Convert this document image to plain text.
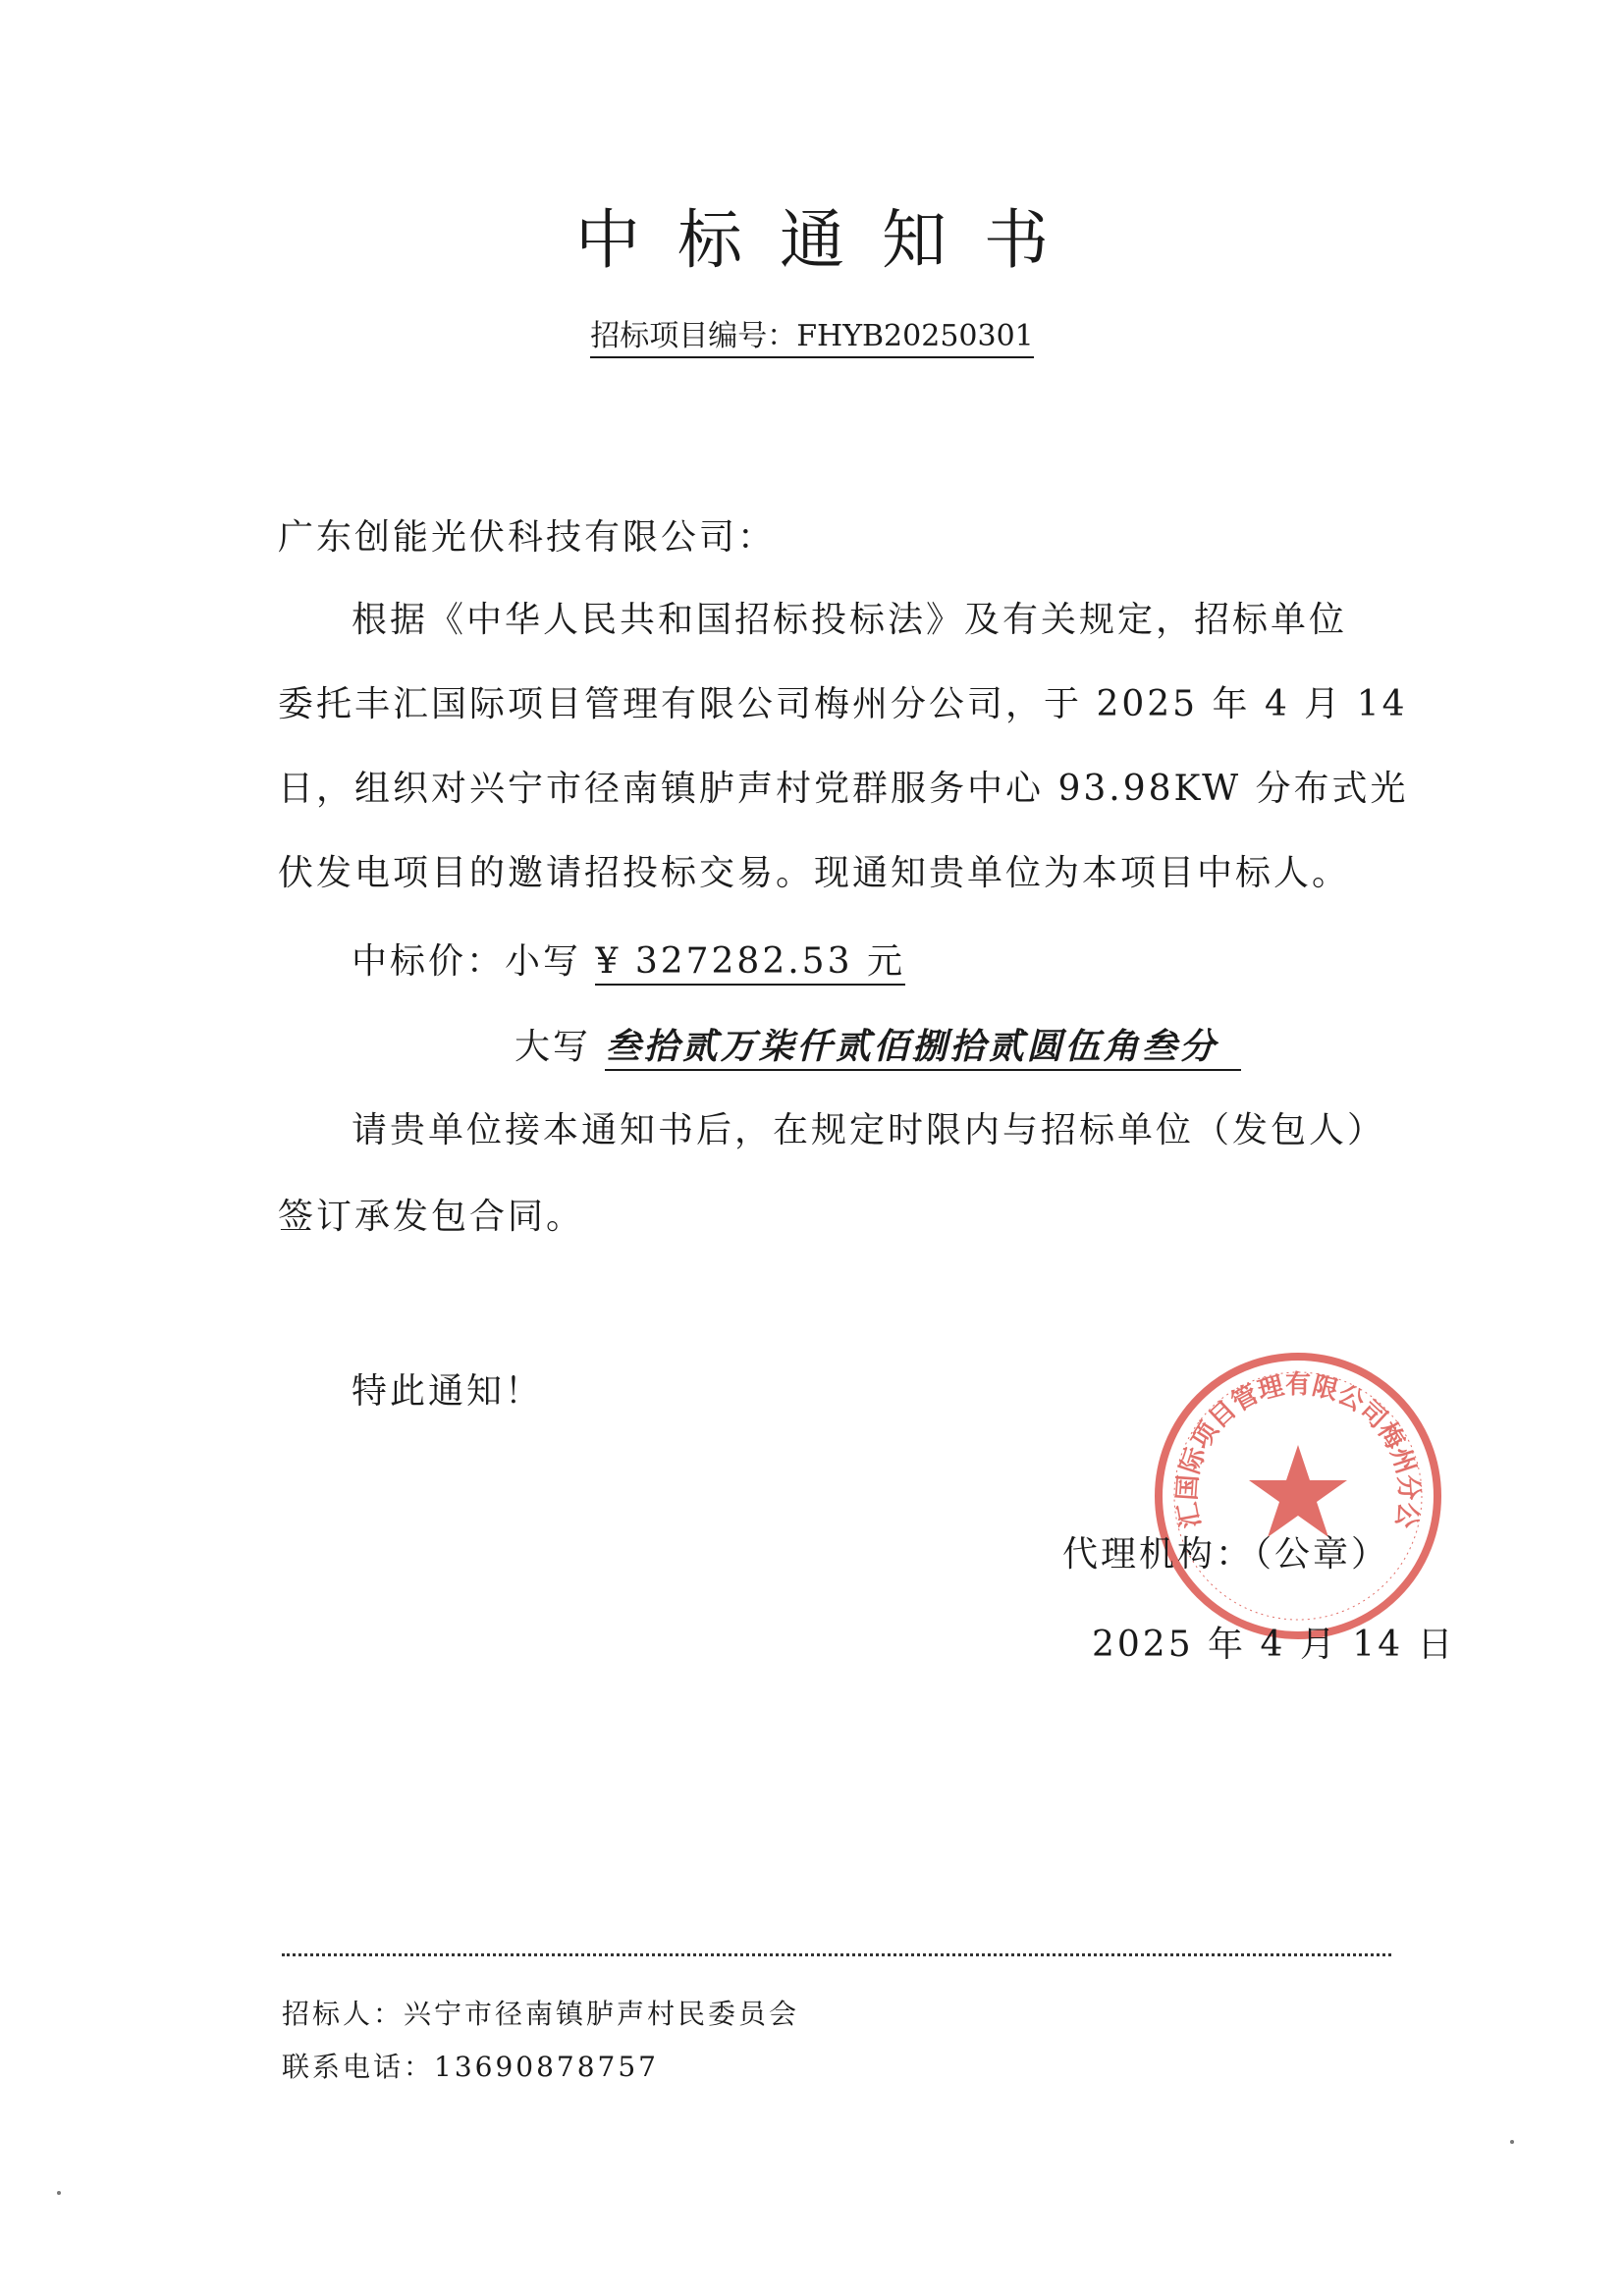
中标通知书
招标项目编号：FHYB20250301
广东创能光伏科技有限公司：
根据《中华人民共和国招标投标法》及有关规定，招标单位
委托丰汇国际项目管理有限公司梅州分公司，于 2025 年 4 月 14
日，组织对兴宁市径南镇胪声村党群服务中心 93.98KW 分布式光
伏发电项目的邀请招投标交易。现通知贵单位为本项目中标人。
中标价：小写 ¥ 327282.53 元
大写 叁拾贰万柒仟贰佰捌拾贰圆伍角叁分
请贵单位接本通知书后，在规定时限内与招标单位（发包人）
签订承发包合同。
特此通知！
汇国际项目管理有限公司梅州分公
代理机构：（公章）
2025 年 4 月 14 日
招标人：兴宁市径南镇胪声村民委员会
联系电话：13690878757
